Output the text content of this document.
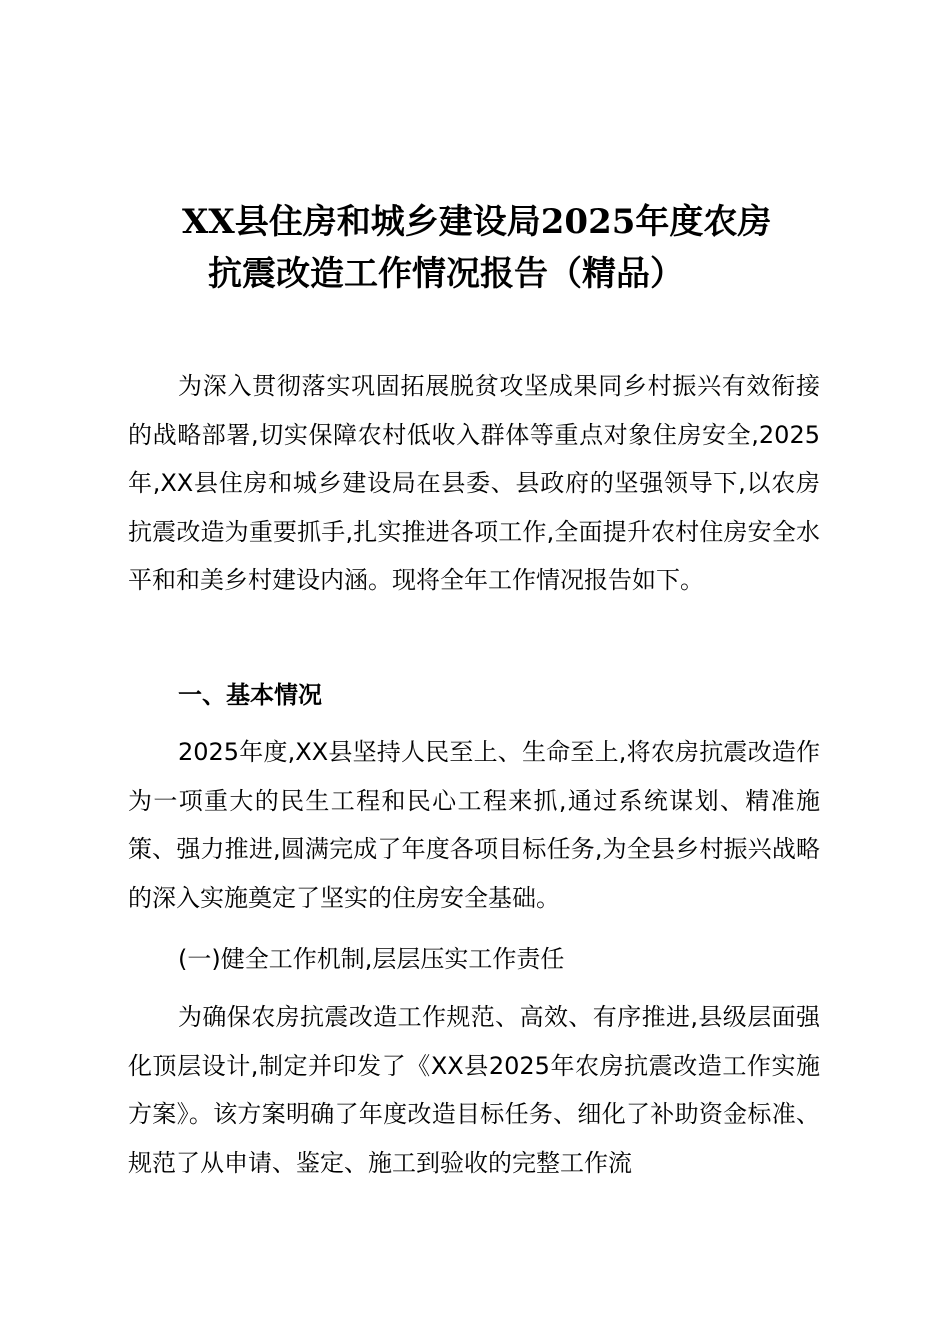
XX县住房和城乡建设局2025年度农房
抗震改造工作情况报告（精品）

为深入贯彻落实巩固拓展脱贫攻坚成果同乡村振兴有效衔接的战略部署,切实保障农村低收入群体等重点对象住房安全,2025年,XX县住房和城乡建设局在县委、县政府的坚强领导下,以农房抗震改造为重要抓手,扎实推进各项工作,全面提升农村住房安全水平和和美乡村建设内涵。现将全年工作情况报告如下。

一、基本情况

2025年度,XX县坚持人民至上、生命至上,将农房抗震改造作为一项重大的民生工程和民心工程来抓,通过系统谋划、精准施策、强力推进,圆满完成了年度各项目标任务,为全县乡村振兴战略的深入实施奠定了坚实的住房安全基础。

(一)健全工作机制,层层压实工作责任

为确保农房抗震改造工作规范、高效、有序推进,县级层面强化顶层设计,制定并印发了《XX县2025年农房抗震改造工作实施方案》。该方案明确了年度改造目标任务、细化了补助资金标准、规范了从申请、鉴定、施工到验收的完整工作流
